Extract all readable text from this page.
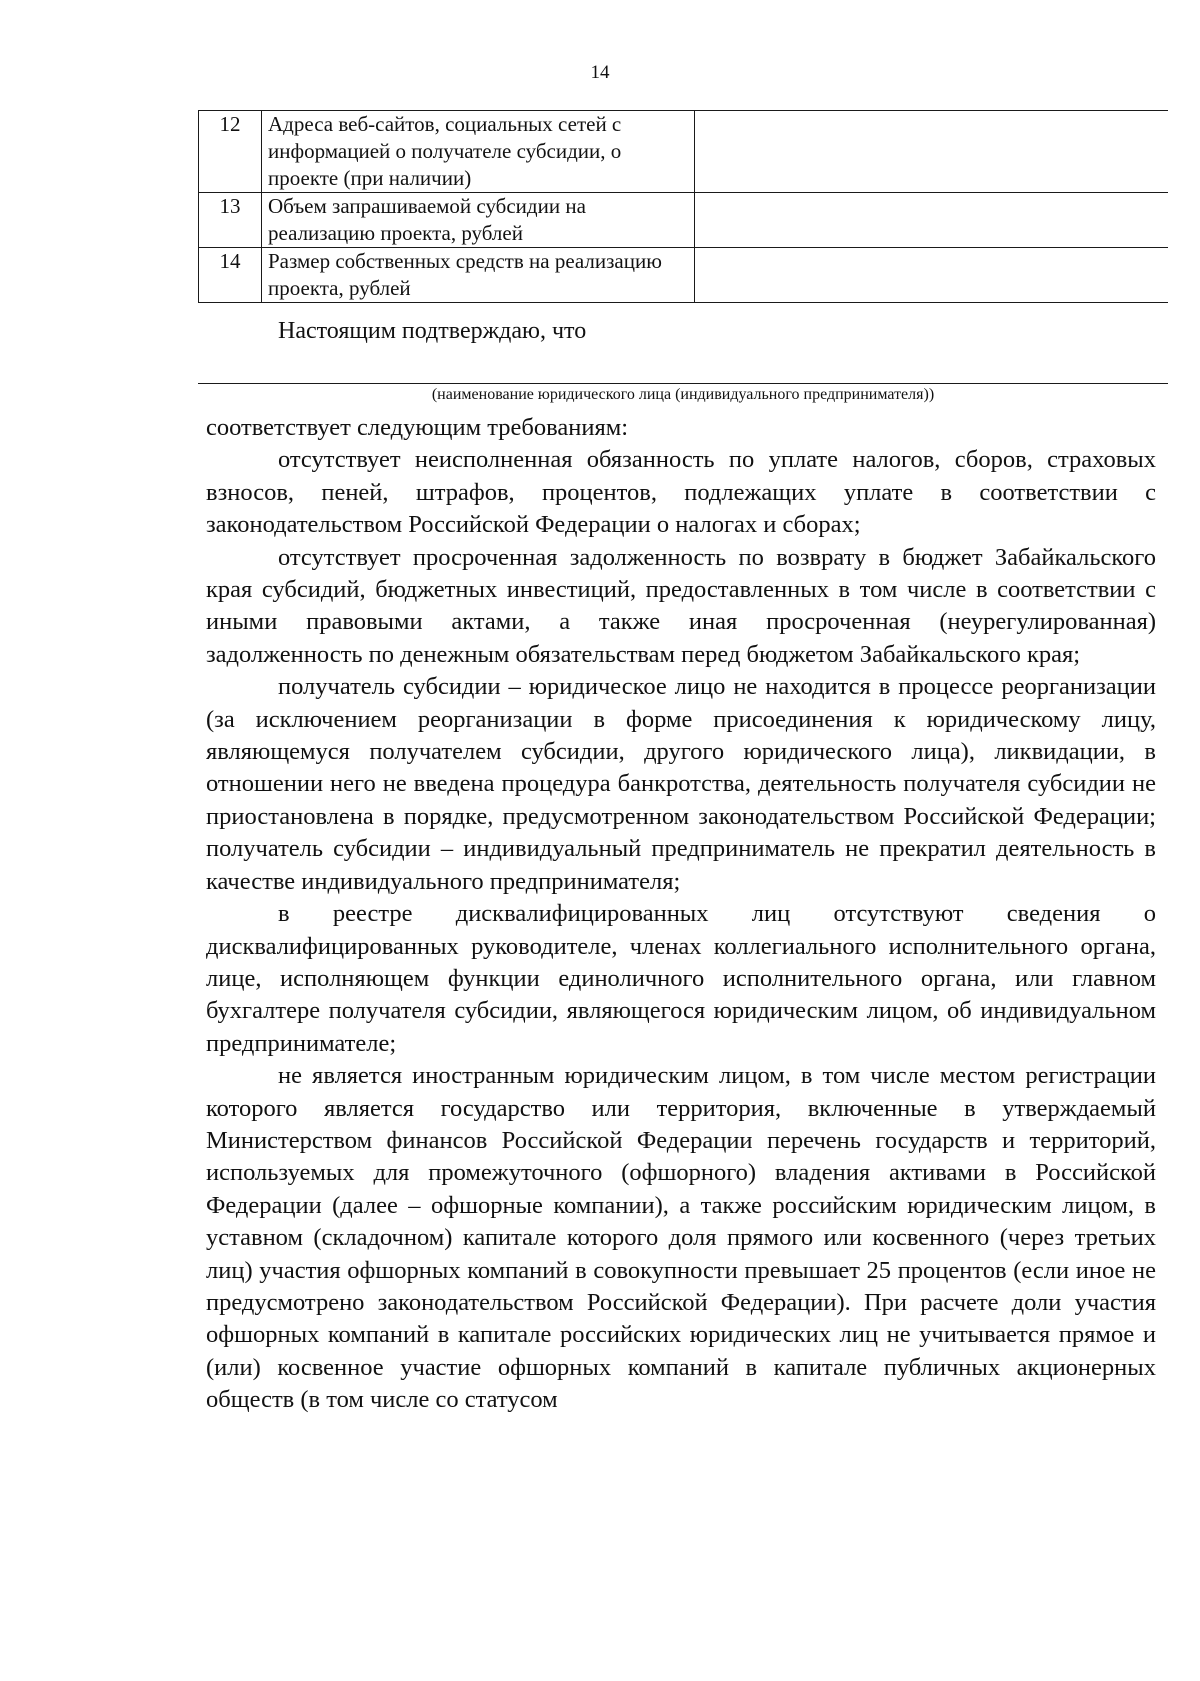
14
12	Адреса веб-сайтов, социальных сетей с информацией о получателе субсидии, о проекте (при наличии)	
13	Объем запрашиваемой субсидии на реализацию проекта, рублей	
14	Размер собственных средств на реализацию проекта, рублей	
Настоящим подтверждаю, что
(наименование юридического лица (индивидуального предпринимателя))

соответствует следующим требованиям:

отсутствует неисполненная обязанность по уплате налогов, сборов, страховых взносов, пеней, штрафов, процентов, подлежащих уплате в соответствии с законодательством Российской Федерации о налогах и сборах;

отсутствует просроченная задолженность по возврату в бюджет Забайкальского края субсидий, бюджетных инвестиций, предоставленных в том числе в соответствии с иными правовыми актами, а также иная просроченная (неурегулированная) задолженность по денежным обязательствам перед бюджетом Забайкальского края;

получатель субсидии – юридическое лицо не находится в процессе реорганизации (за исключением реорганизации в форме присоединения к юридическому лицу, являющемуся получателем субсидии, другого юридического лица), ликвидации, в отношении него не введена процедура банкротства, деятельность получателя субсидии не приостановлена в порядке, предусмотренном законодательством Российской Федерации; получатель субсидии – индивидуальный предприниматель не прекратил деятельность в качестве индивидуального предпринимателя;

в реестре дисквалифицированных лиц отсутствуют сведения о дисквалифицированных руководителе, членах коллегиального исполнительного органа, лице, исполняющем функции единоличного исполнительного органа, или главном бухгалтере получателя субсидии, являющегося юридическим лицом, об индивидуальном предпринимателе;

не является иностранным юридическим лицом, в том числе местом регистрации которого является государство или территория, включенные в утверждаемый Министерством финансов Российской Федерации перечень государств и территорий, используемых для промежуточного (офшорного) владения активами в Российской Федерации (далее – офшорные компании), а также российским юридическим лицом, в уставном (складочном) капитале которого доля прямого или косвенного (через третьих лиц) участия офшорных компаний в совокупности превышает 25 процентов (если иное не предусмотрено законодательством Российской Федерации). При расчете доли участия офшорных компаний в капитале российских юридических лиц не учитывается прямое и (или) косвенное участие офшорных компаний в капитале публичных акционерных обществ (в том числе со статусом
